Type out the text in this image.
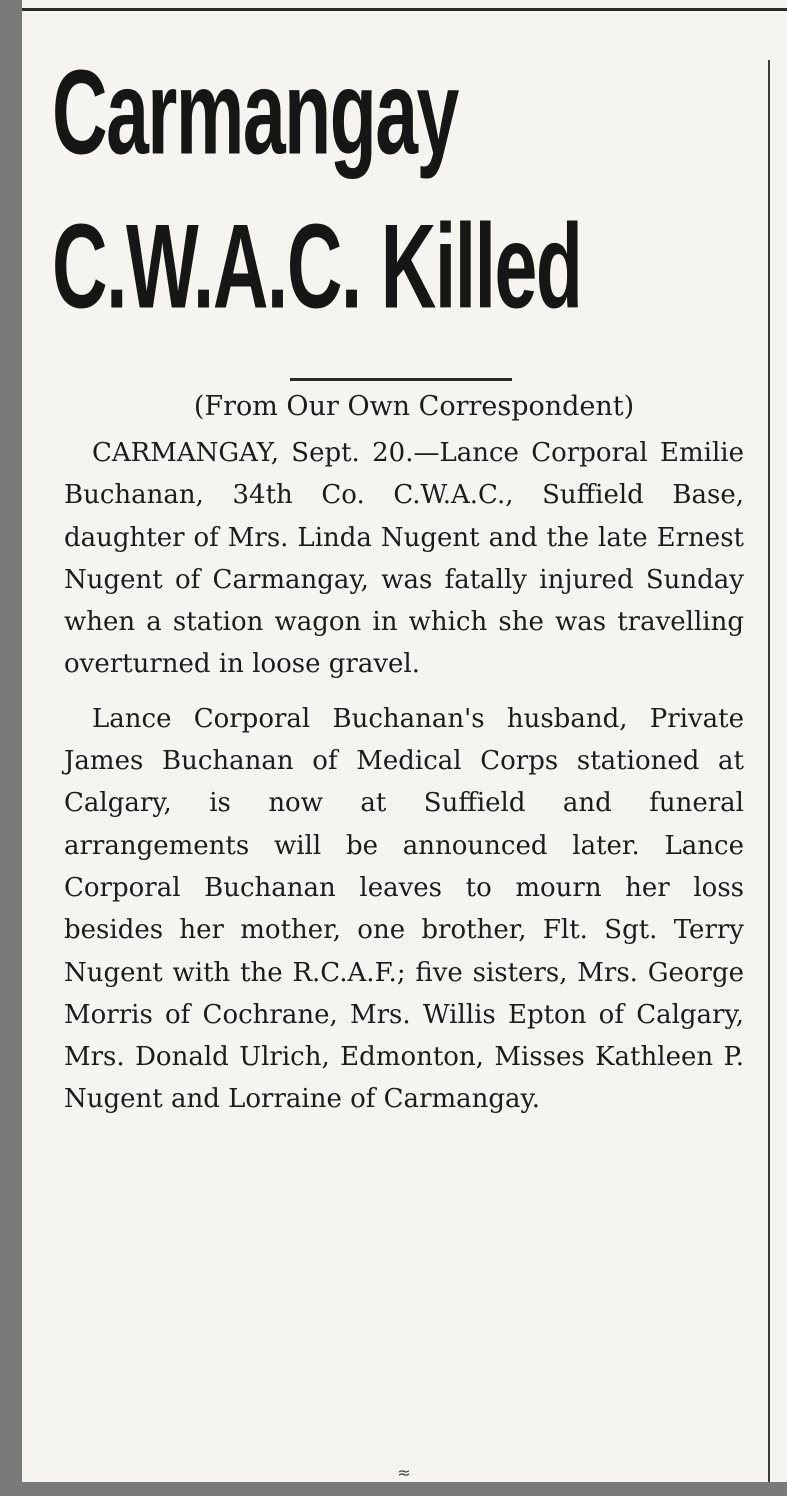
Carmangay
C.W.A.C. Killed

(From Our Own Correspondent)

CARMANGAY, Sept. 20.—Lance Corporal Emilie Buchanan, 34th Co. C.W.A.C., Suffield Base, daughter of Mrs. Linda Nugent and the late Ernest Nugent of Carmangay, was fatally injured Sunday when a station wagon in which she was travelling overturned in loose gravel.

Lance Corporal Buchanan's husband, Private James Buchanan of Medical Corps stationed at Calgary, is now at Suffield and funeral arrangements will be announced later. Lance Corporal Buchanan leaves to mourn her loss besides her mother, one brother, Flt. Sgt. Terry Nugent with the R.C.A.F.; five sisters, Mrs. George Morris of Cochrane, Mrs. Willis Epton of Calgary, Mrs. Donald Ulrich, Edmonton, Misses Kathleen P. Nugent and Lorraine of Carmangay.

≈
